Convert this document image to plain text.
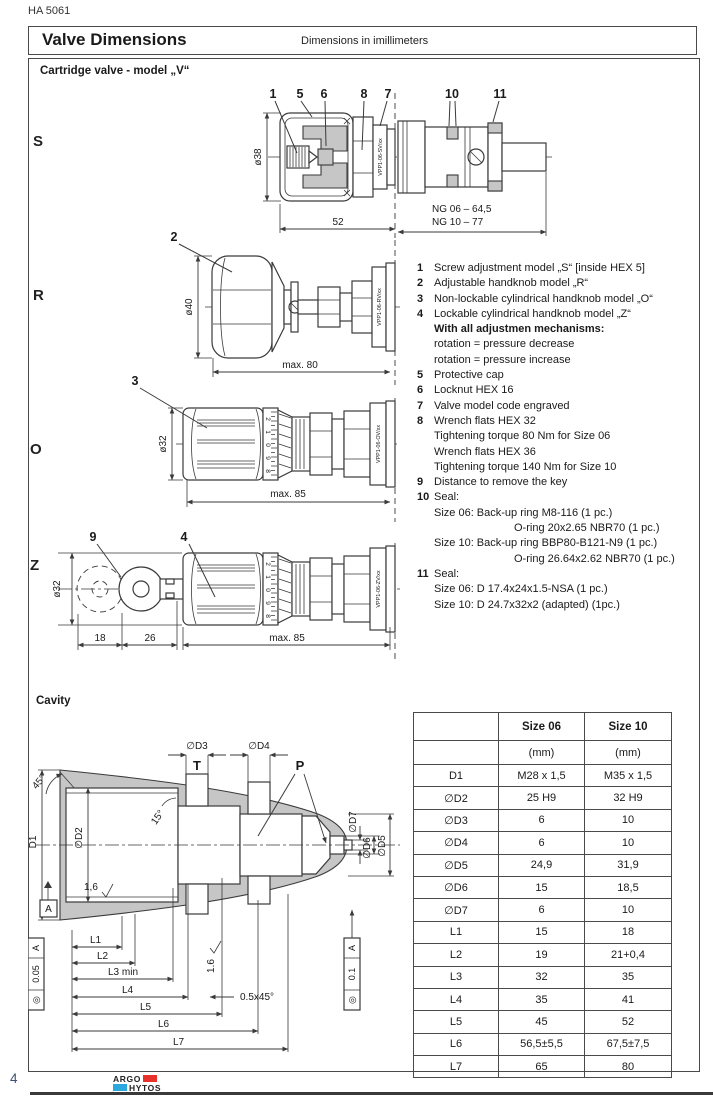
HA 5061
Valve Dimensions	Dimensions in imillimeters
VPP1-06-SV/xx
1 5 6	8 7	10	11
ø38
52
NG 06 – 64,5
NG 10 – 77
VPP1-06-RV/xx
2
ø40
max. 80
2
1
0
9
8
VPP1-06-OV/xx
3
ø32
max. 85
2
1
0
9
8
VPP1-06-ZV/xx
9	4
ø32
18	26	max. 85
∅D3	∅D4
T	P
45°
15°
D1	∅D2
1,6
A
∅D7
∅D6 ∅D5
A
0.05
◎
A
0.1
◎
L1
L2
L3 min
L4
L5
L6
L7
0.5x45°
1.6
S
R
O
Z
Cartridge valve - model „V“
Cavity
1 Screw adjustment model „S“ [inside HEX 5]
2 Adjustable handknob model „R“
3 Non-lockable cylindrical handknob model „O“
4 Lockable cylindrical handknob model „Z“
With all adjustmen mechanisms:
rotation = pressure decrease
rotation = pressure increase
5 Protective cap
6 Locknut HEX 16
7 Valve model code engraved
8 Wrench flats HEX 32
Tightening torque 80 Nm for Size 06
Wrench flats HEX 36
Tightening torque 140 Nm for Size 10
9 Distance to remove the key
10 Seal:
Size 06: Back-up ring M8-116 (1 pc.)
O-ring 20x2.65 NBR70 (1 pc.)
Size 10: Back-up ring BBP80-B121-N9 (1 pc.)
O-ring 26.64x2.62 NBR70 (1 pc.)
11 Seal:
Size 06: D 17.4x24x1.5-NSA (1 pc.)
Size 10: D 24.7x32x2 (adapted) (1pc.)
	Size 06	Size 10
	(mm)	(mm)
D1	M28 x 1,5	M35 x 1,5
∅D2	25 H9	32 H9
∅D3	6	10
∅D4	6	10
∅D5	24,9	31,9
∅D6	15	18,5
∅D7	6	10
L1	15	18
L2	19	21+0,4
L3	32	35
L4	35	41
L5	45	52
L6	56,5±5,5	67,5±7,5
L7	65	80
4	ARGO
HYTOS
